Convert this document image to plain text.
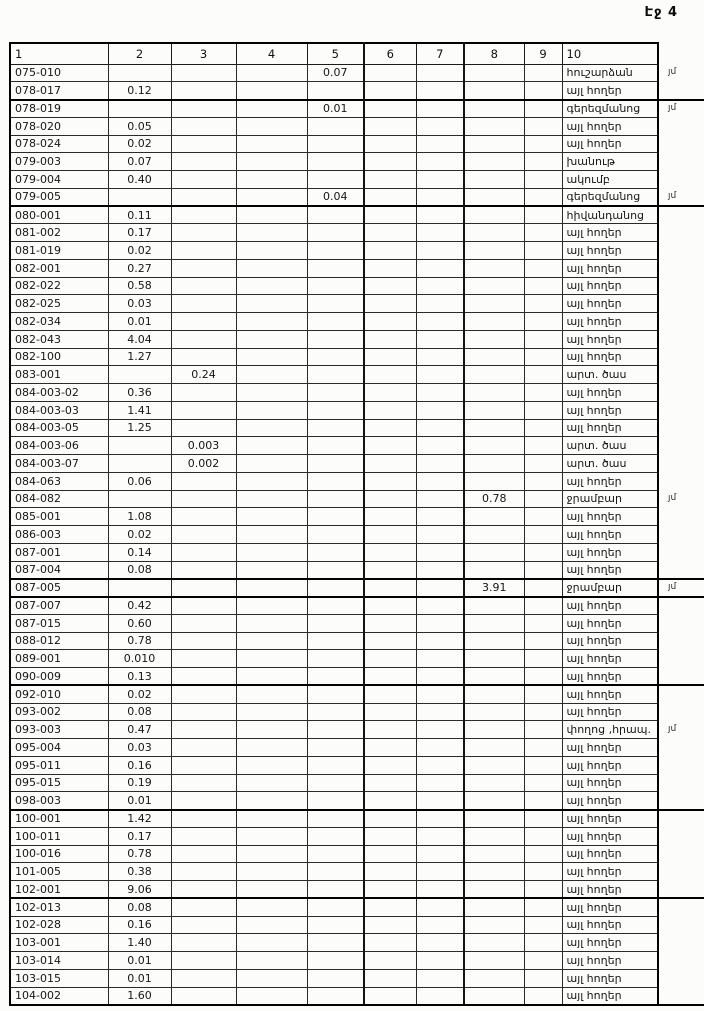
Էջ 4
1	2	3	4	5	6	7	8	9	10	
075-010				0.07					հուշարձան	յմ
078-017	0.12								այլ հողեր	
078-019				0.01					գերեզմանոց	յմ
078-020	0.05								այլ հողեր	
078-024	0.02								այլ հողեր	
079-003	0.07								խանութ	
079-004	0.40								ակումբ	
079-005				0.04					գերեզմանոց	յմ
080-001	0.11								հիվանդանոց	
081-002	0.17								այլ հողեր	
081-019	0.02								այլ հողեր	
082-001	0.27								այլ հողեր	
082-022	0.58								այլ հողեր	
082-025	0.03								այլ հողեր	
082-034	0.01								այլ հողեր	
082-043	4.04								այլ հողեր	
082-100	1.27								այլ հողեր	
083-001		0.24							արտ. ծաս	
084-003-02	0.36								այլ հողեր	
084-003-03	1.41								այլ հողեր	
084-003-05	1.25								այլ հողեր	
084-003-06		0.003							արտ. ծաս	
084-003-07		0.002							արտ. ծաս	
084-063	0.06								այլ հողեր	
084-082							0.78		ջրամբար	յմ
085-001	1.08								այլ հողեր	
086-003	0.02								այլ հողեր	
087-001	0.14								այլ հողեր	
087-004	0.08								այլ հողեր	
087-005							3.91		ջրամբար	յմ
087-007	0.42								այլ հողեր	
087-015	0.60								այլ հողեր	
088-012	0.78								այլ հողեր	
089-001	0.010								այլ հողեր	
090-009	0.13								այլ հողեր	
092-010	0.02								այլ հողեր	
093-002	0.08								այլ հողեր	
093-003	0.47								փողոց ,հրապ.	յմ
095-004	0.03								այլ հողեր	
095-011	0.16								այլ հողեր	
095-015	0.19								այլ հողեր	
098-003	0.01								այլ հողեր	
100-001	1.42								այլ հողեր	
100-011	0.17								այլ հողեր	
100-016	0.78								այլ հողեր	
101-005	0.38								այլ հողեր	
102-001	9.06								այլ հողեր	
102-013	0.08								այլ հողեր	
102-028	0.16								այլ հողեր	
103-001	1.40								այլ հողեր	
103-014	0.01								այլ հողեր	
103-015	0.01								այլ հողեր	
104-002	1.60								այլ հողեր	
